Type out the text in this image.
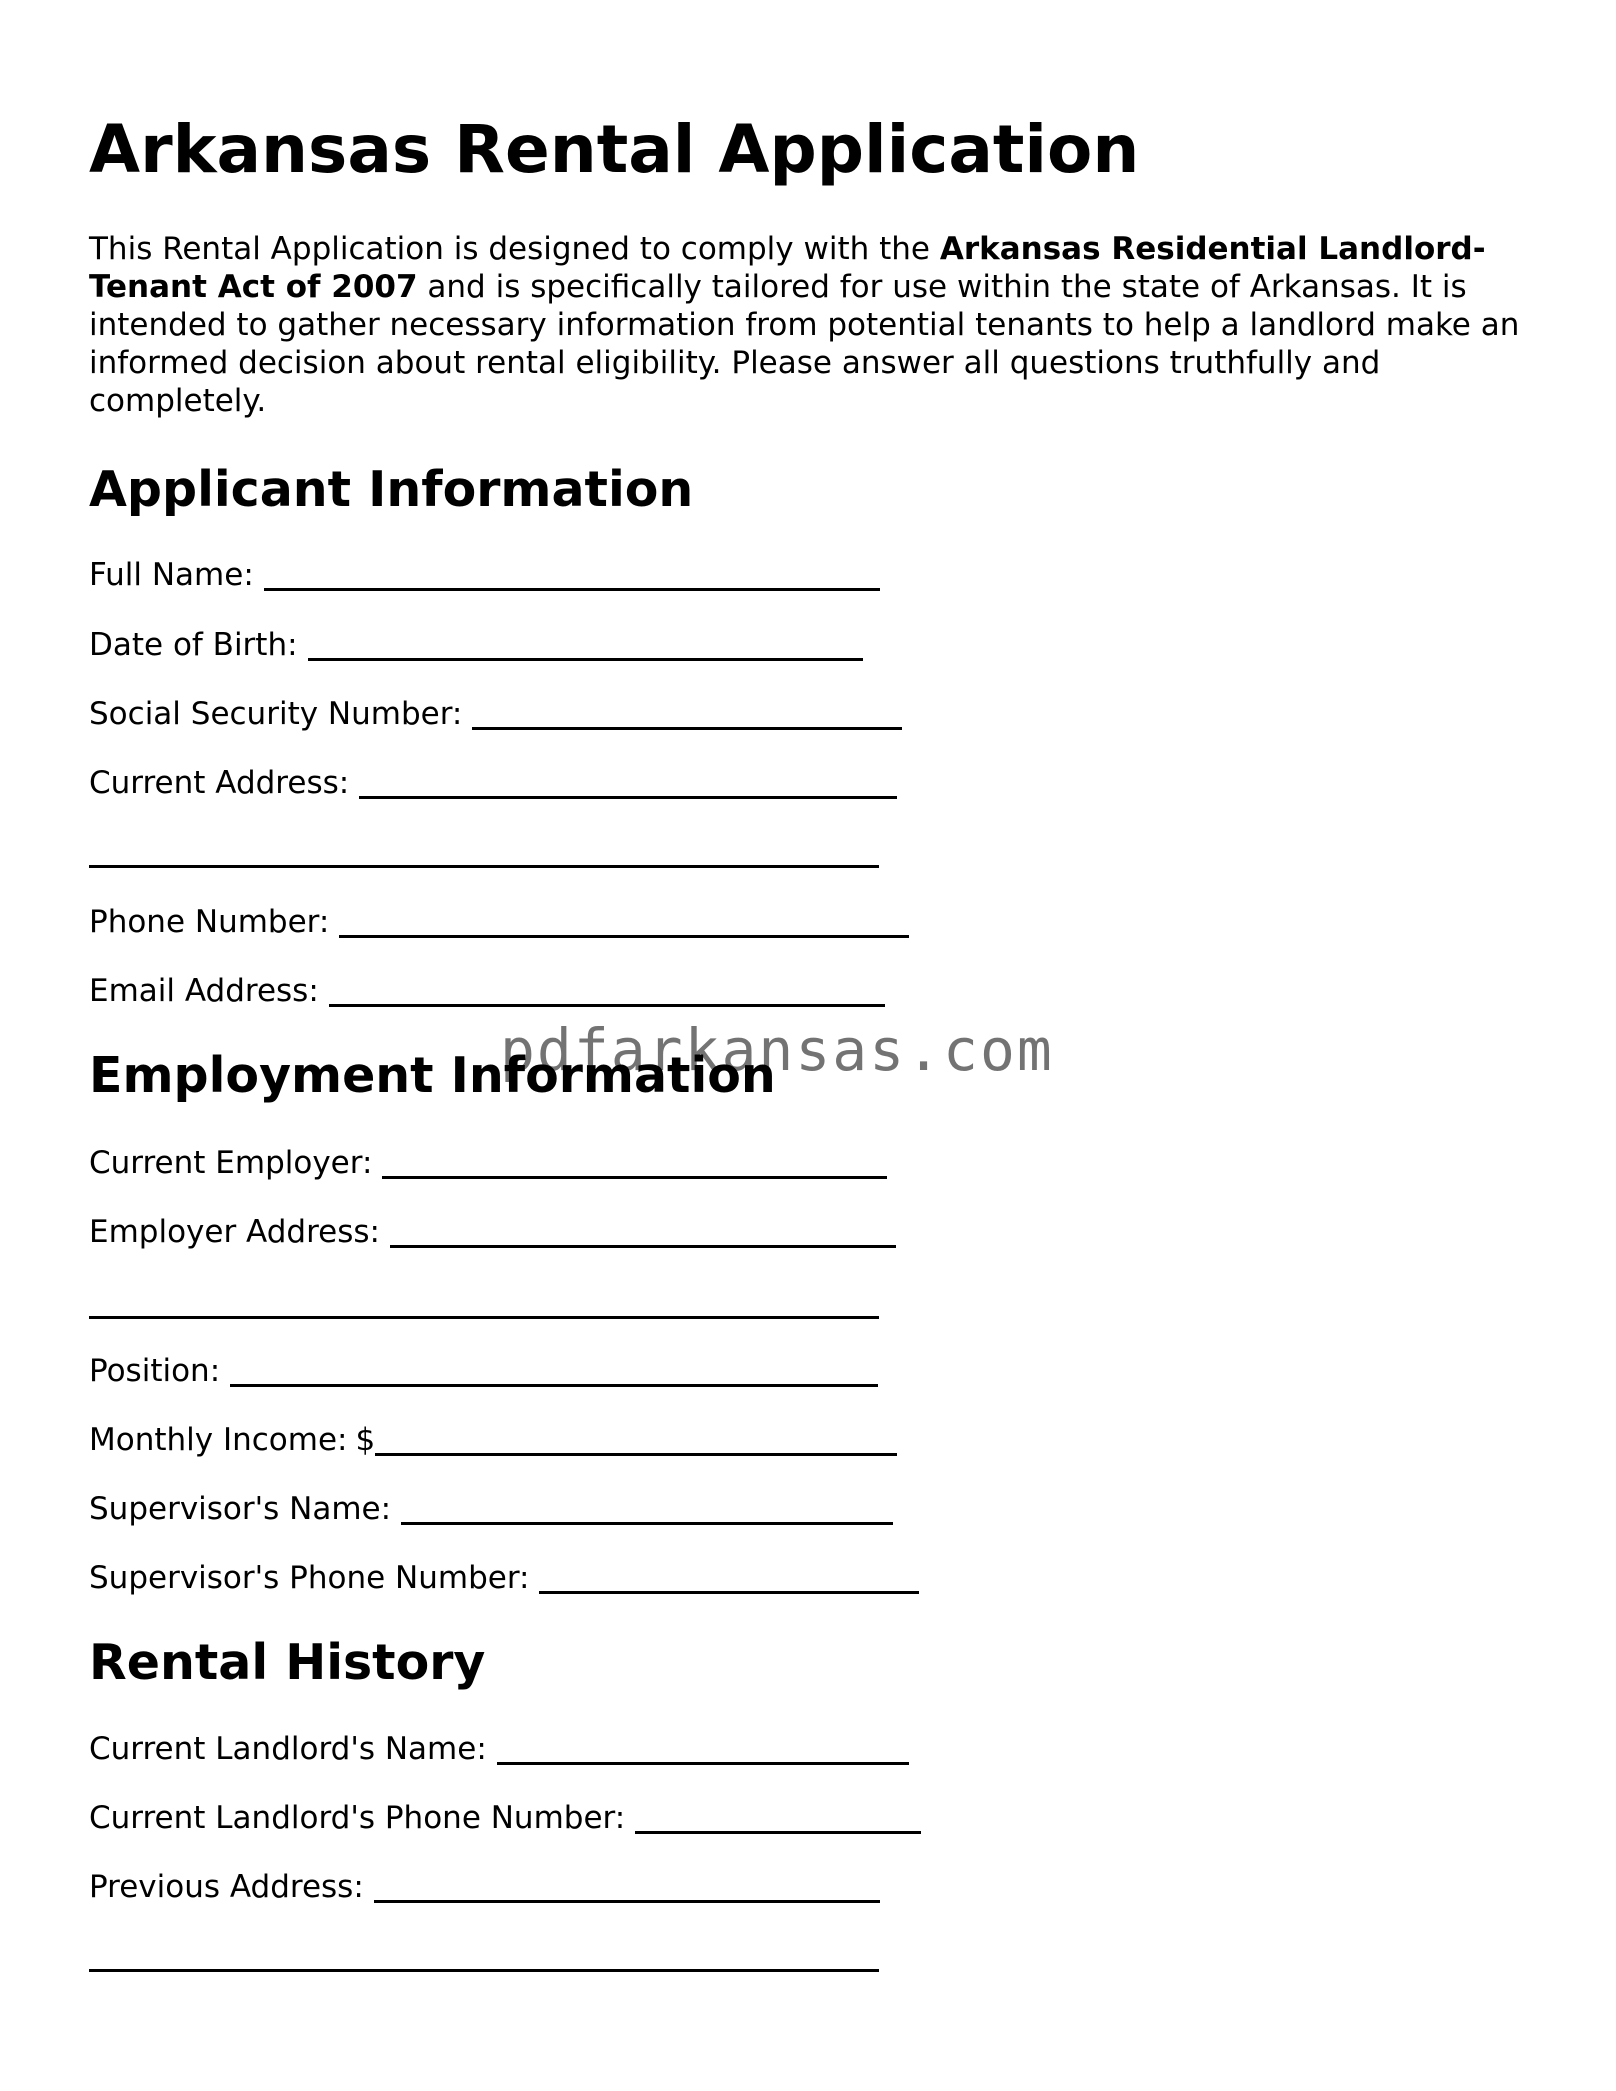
Arkansas Rental Application

This Rental Application is designed to comply with the Arkansas Residential Landlord-Tenant Act of 2007 and is specifically tailored for use within the state of Arkansas. It is intended to gather necessary information from potential tenants to help a landlord make an informed decision about rental eligibility. Please answer all questions truthfully and completely.

Applicant Information
Full Name:
Date of Birth:
Social Security Number:
Current Address:
Phone Number:
Email Address:
Employment Information
Current Employer:
Employer Address:
Position:
Monthly Income: $
Supervisor's Name:
Supervisor's Phone Number:
Rental History
Current Landlord's Name:
Current Landlord's Phone Number:
Previous Address:
pdfarkansas.com
